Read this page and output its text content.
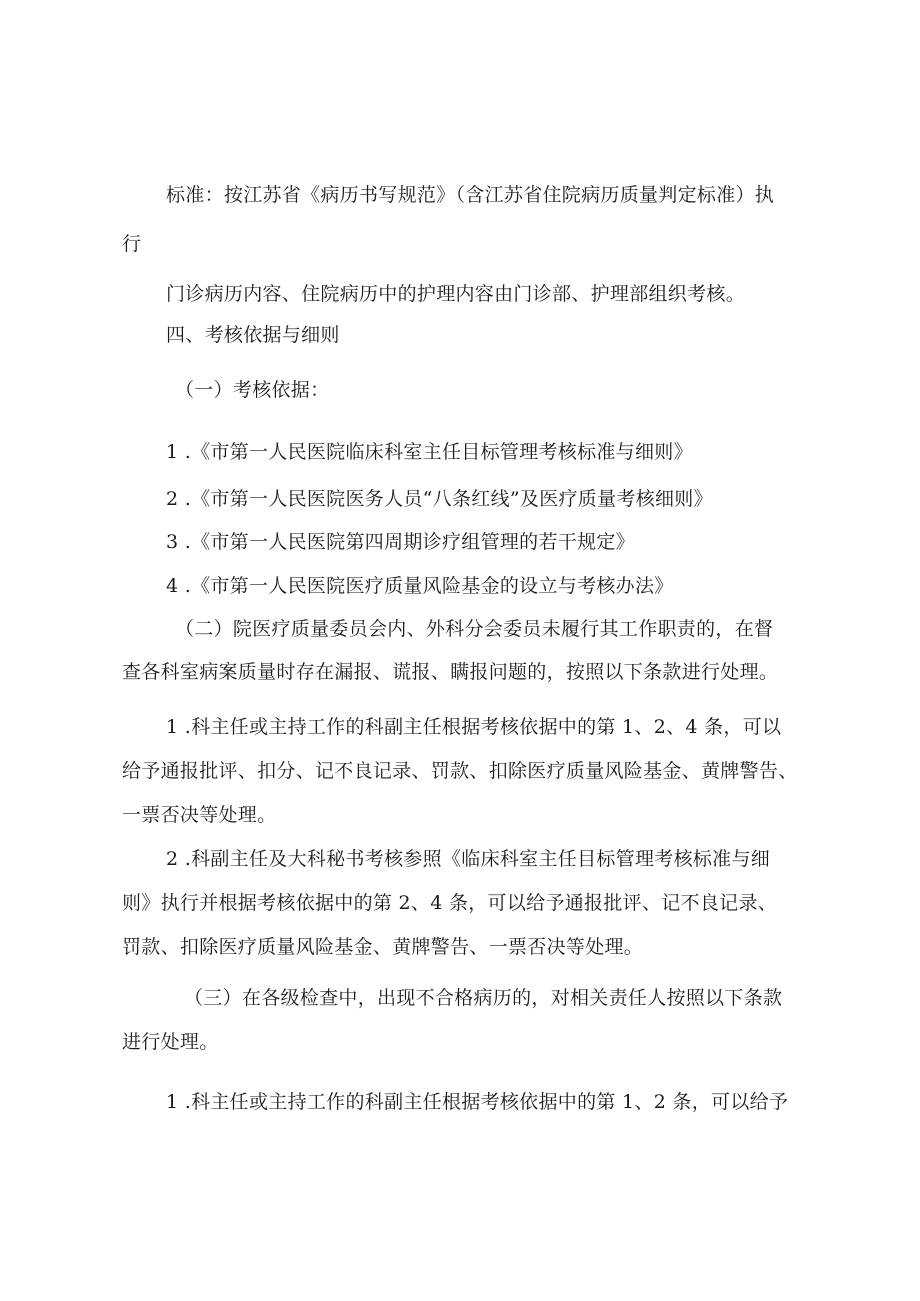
标准：按江苏省《病历书写规范》（含江苏省住院病历质量判定标准）执
行
门诊病历内容、住院病历中的护理内容由门诊部、护理部组织考核。
四、考核依据与细则
（一）考核依据：
1 .《市第一人民医院临床科室主任目标管理考核标准与细则》
2 .《市第一人民医院医务人员“八条红线”及医疗质量考核细则》
3 .《市第一人民医院第四周期诊疗组管理的若干规定》
4 .《市第一人民医院医疗质量风险基金的设立与考核办法》
（二）院医疗质量委员会内、外科分会委员未履行其工作职责的，在督
查各科室病案质量时存在漏报、谎报、瞒报问题的，按照以下条款进行处理。
1 .科主任或主持工作的科副主任根据考核依据中的第 1、2、4 条，可以
给予通报批评、扣分、记不良记录、罚款、扣除医疗质量风险基金、黄牌警告、
一票否决等处理。
2 .科副主任及大科秘书考核参照《临床科室主任目标管理考核标准与细
则》执行并根据考核依据中的第 2、4 条，可以给予通报批评、记不良记录、
罚款、扣除医疗质量风险基金、黄牌警告、一票否决等处理。
（三）在各级检查中，出现不合格病历的，对相关责任人按照以下条款
进行处理。
1 .科主任或主持工作的科副主任根据考核依据中的第 1、2 条，可以给予
